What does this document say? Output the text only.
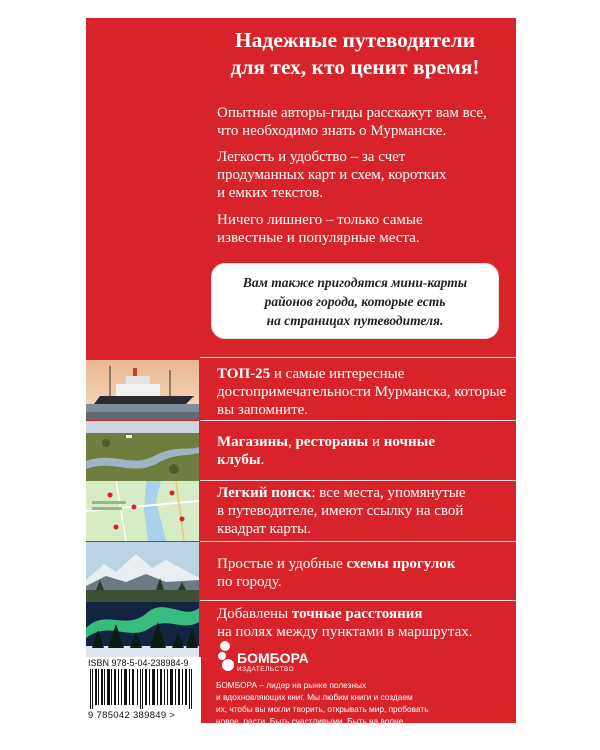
Надежные путеводители
для тех, кто ценит время!
Опытные авторы-гиды расскажут вам все,
что необходимо знать о Мурманске.
Легкость и удобство – за счет
продуманных карт и схем, коротких
и емких текстов.
Ничего лишнего – только самые
известные и популярные места.
Вам также пригодятся мини-карты
районов города, которые есть
на страницах путеводителя.
ТОП-25 и самые интересные
достопримечательности Мурманска, которые
вы запомните.
Магазины, рестораны и ночные
клубы.
Легкий поиск: все места, упомянутые
в путеводителе, имеют ссылку на свой
квадрат карты.
Простые и удобные схемы прогулок
по городу.
Добавлены точные расстояния
на полях между пунктами в маршрутах.
ISBN 978-5-04-238984-9
9 785042 389849 >
БОМБОРА
ИЗДАТЕЛЬСТВО
БОМБОРА – лидер на рынке полезных
и вдохновляющих книг. Мы любим книги и создаем
их, чтобы вы могли творить, открывать мир, пробовать
новое, расти. Быть счастливыми. Быть на волне.
